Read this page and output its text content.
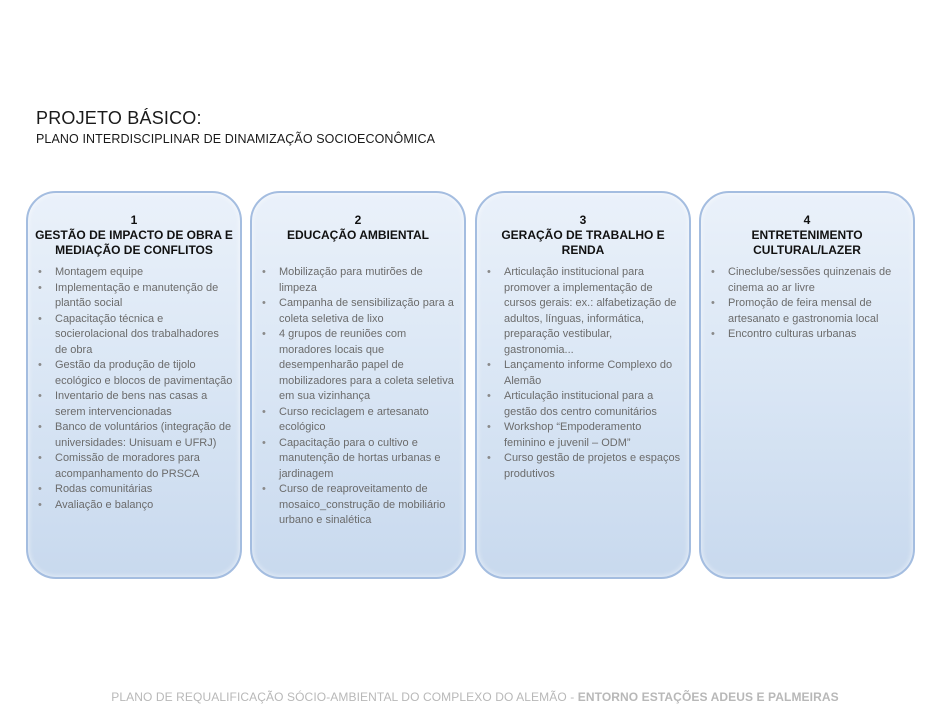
PROJETO BÁSICO:
PLANO INTERDISCIPLINAR DE DINAMIZAÇÃO SOCIOECONÔMICA
1
GESTÃO DE IMPACTO DE OBRA E MEDIAÇÃO DE CONFLITOS
• Montagem equipe
• Implementação e manutenção de plantão social
• Capacitação técnica e socierolacional dos trabalhadores de obra
• Gestão da produção de tijolo ecológico e blocos de pavimentação
• Inventario de bens nas casas a serem intervencionadas
• Banco de voluntários (integração de universidades: Unisuam e UFRJ)
• Comissão de moradores para acompanhamento do PRSCA
• Rodas comunitárias
• Avaliação e balanço
2
EDUCAÇÃO AMBIENTAL
• Mobilização para mutirões de limpeza
• Campanha de sensibilização para a coleta seletiva de lixo
• 4 grupos de reuniões com moradores locais que desempenharão papel de mobilizadores para a coleta seletiva em sua vizinhança
• Curso reciclagem e artesanato ecológico
• Capacitação para o cultivo e manutenção de hortas urbanas e jardinagem
• Curso de reaproveitamento de mosaico_construção de mobiliário urbano e sinalética
3
GERAÇÃO DE TRABALHO E RENDA
• Articulação institucional para promover a implementação de cursos gerais: ex.: alfabetização de adultos, línguas, informática, preparação vestibular, gastronomia...
• Lançamento informe Complexo do Alemão
• Articulação institucional para a gestão dos centro comunitários
• Workshop “Empoderamento feminino e juvenil – ODM”
• Curso gestão de projetos e espaços produtivos
4
ENTRETENIMENTO CULTURAL/LAZER
• Cineclube/sessões quinzenais de cinema ao ar livre
• Promoção de feira mensal de artesanato e gastronomia local
• Encontro culturas urbanas
PLANO DE REQUALIFICAÇÃO SÓCIO-AMBIENTAL DO COMPLEXO DO ALEMÃO - ENTORNO ESTAÇÕES ADEUS E PALMEIRAS
